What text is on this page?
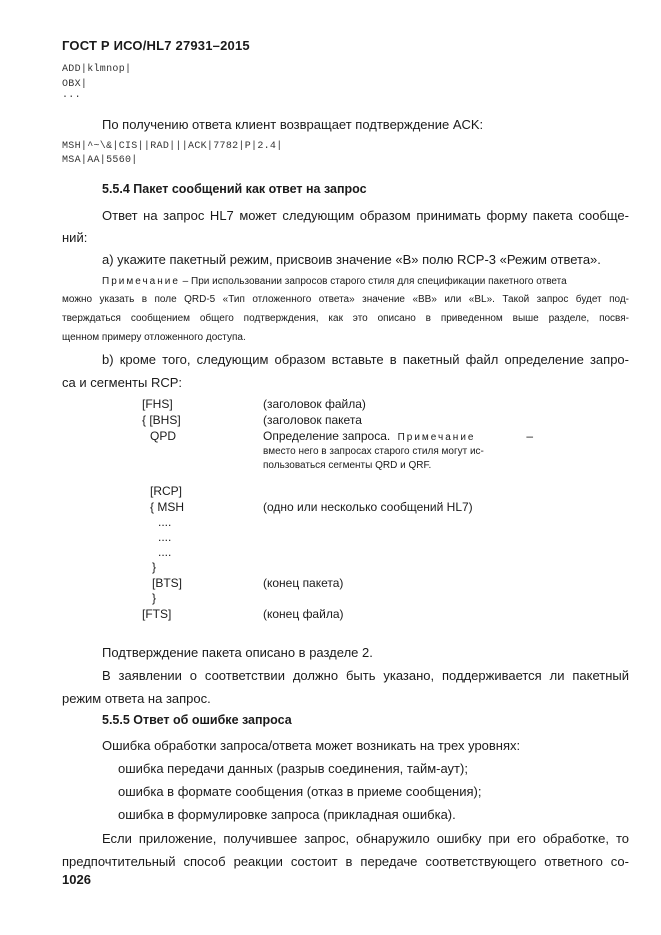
ГОСТ Р ИСО/HL7 27931–2015
ADD|klmnop|
OBX|
...
По получению ответа клиент возвращает подтверждение ACK:
MSH|^~\&|CIS||RAD|||ACK|7782|P|2.4|
MSA|AA|5560|
5.5.4 Пакет сообщений как ответ на запрос
Ответ на запрос HL7 может следующим образом принимать форму пакета сообще-
ний:
а) укажите пакетный режим, присвоив значение «В» полю RCP-3 «Режим ответа».
Примечание – При использовании запросов старого стиля для спецификации пакетного ответа
можно указать в поле QRD-5 «Тип отложенного ответа» значение «BB» или «BL». Такой запрос будет под-
тверждаться сообщением общего подтверждения, как это описано в приведенном выше разделе, посвя-
щенном примеру отложенного доступа.
b) кроме того, следующим образом вставьте в пакетный файл определение запро-
са и сегменты RCP:
[FHS]	(заголовок файла)
{ [BHS]	(заголовок пакета
QPD	Определение запроса. Примечание	–
вместо него в запросах старого стиля могут ис-
пользоваться сегменты QRD и QRF.
[RCP]
{ MSH	(одно или несколько сообщений HL7)
....
....
....
}
[BTS]	(конец пакета)
}
[FTS]	(конец файла)
Подтверждение пакета описано в разделе 2.
В заявлении о соответствии должно быть указано, поддерживается ли пакетный
режим ответа на запрос.
5.5.5 Ответ об ошибке запроса
Ошибка обработки запроса/ответа может возникать на трех уровнях:
ошибка передачи данных (разрыв соединения, тайм-аут);
ошибка в формате сообщения (отказ в приеме сообщения);
ошибка в формулировке запроса (прикладная ошибка).
Если приложение, получившее запрос, обнаружило ошибку при его обработке, то
предпочтительный способ реакции состоит в передаче соответствующего ответного со-
1026
